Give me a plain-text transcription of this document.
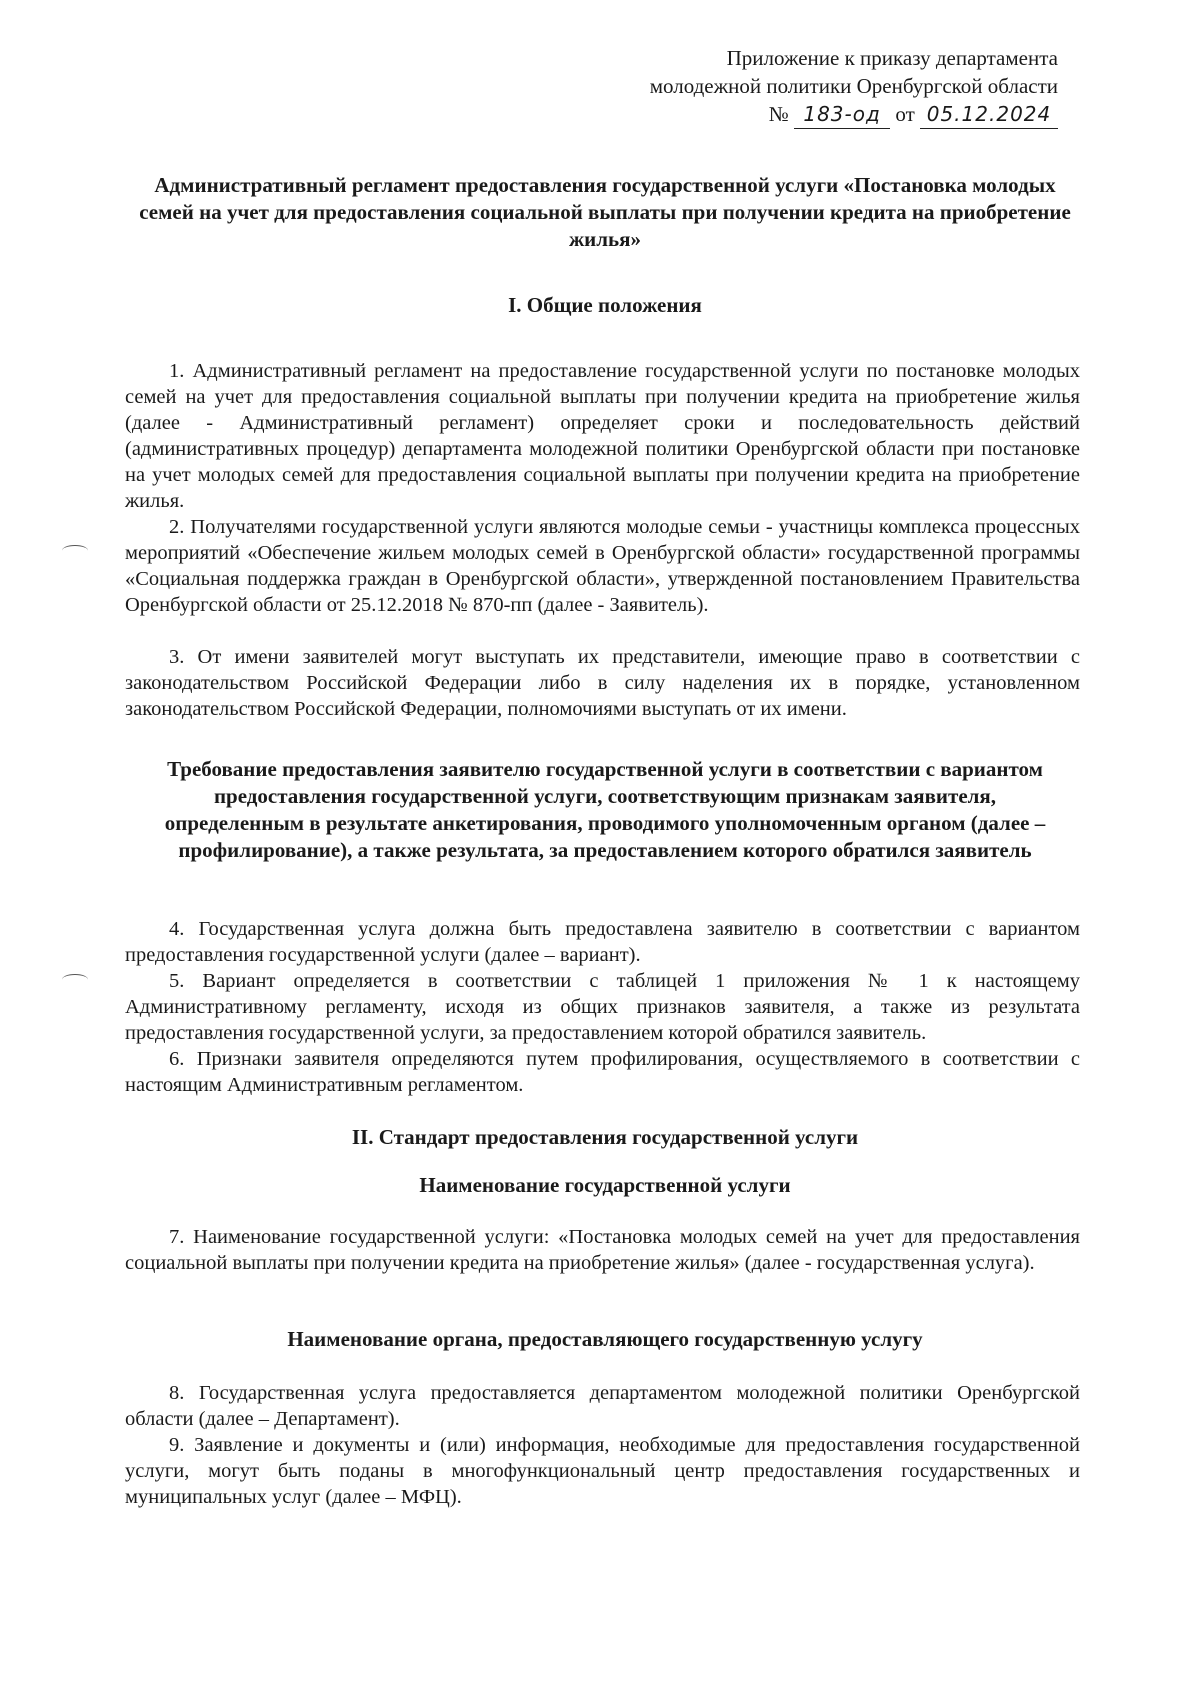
Приложение к приказу департамента
молодежной политики Оренбургской области
№ 183-од от 05.12.2024
Административный регламент предоставления государственной услуги «Постановка молодых семей на учет для предоставления социальной выплаты при получении кредита на приобретение жилья»
I. Общие положения
1. Административный регламент на предоставление государственной услуги по постановке молодых семей на учет для предоставления социальной выплаты при получении кредита на приобретение жилья (далее - Административный регламент) определяет сроки и последовательность действий (административных процедур) департамента молодежной политики Оренбургской области при постановке на учет молодых семей для предоставления социальной выплаты при получении кредита на приобретение жилья.
2. Получателями государственной услуги являются молодые семьи - участницы комплекса процессных мероприятий «Обеспечение жильем молодых семей в Оренбургской области» государственной программы «Социальная поддержка граждан в Оренбургской области», утвержденной постановлением Правительства Оренбургской области от 25.12.2018 № 870-пп (далее - Заявитель).
3. От имени заявителей могут выступать их представители, имеющие право в соответствии с законодательством Российской Федерации либо в силу наделения их в порядке, установленном законодательством Российской Федерации, полномочиями выступать от их имени.
Требование предоставления заявителю государственной услуги в соответствии с вариантом предоставления государственной услуги, соответствующим признакам заявителя, определенным в результате анкетирования, проводимого уполномоченным органом (далее – профилирование), а также результата, за предоставлением которого обратился заявитель
4. Государственная услуга должна быть предоставлена заявителю в соответствии с вариантом предоставления государственной услуги (далее – вариант).
5. Вариант определяется в соответствии с таблицей 1 приложения № 1 к настоящему Административному регламенту, исходя из общих признаков заявителя, а также из результата предоставления государственной услуги, за предоставлением которой обратился заявитель.
6. Признаки заявителя определяются путем профилирования, осуществляемого в соответствии с настоящим Административным регламентом.
II. Стандарт предоставления государственной услуги
Наименование государственной услуги
7. Наименование государственной услуги: «Постановка молодых семей на учет для предоставления социальной выплаты при получении кредита на приобретение жилья» (далее - государственная услуга).
Наименование органа, предоставляющего государственную услугу
8. Государственная услуга предоставляется департаментом молодежной политики Оренбургской области (далее – Департамент).
9. Заявление и документы и (или) информация, необходимые для предоставления государственной услуги, могут быть поданы в многофункциональный центр предоставления государственных и муниципальных услуг (далее – МФЦ).
